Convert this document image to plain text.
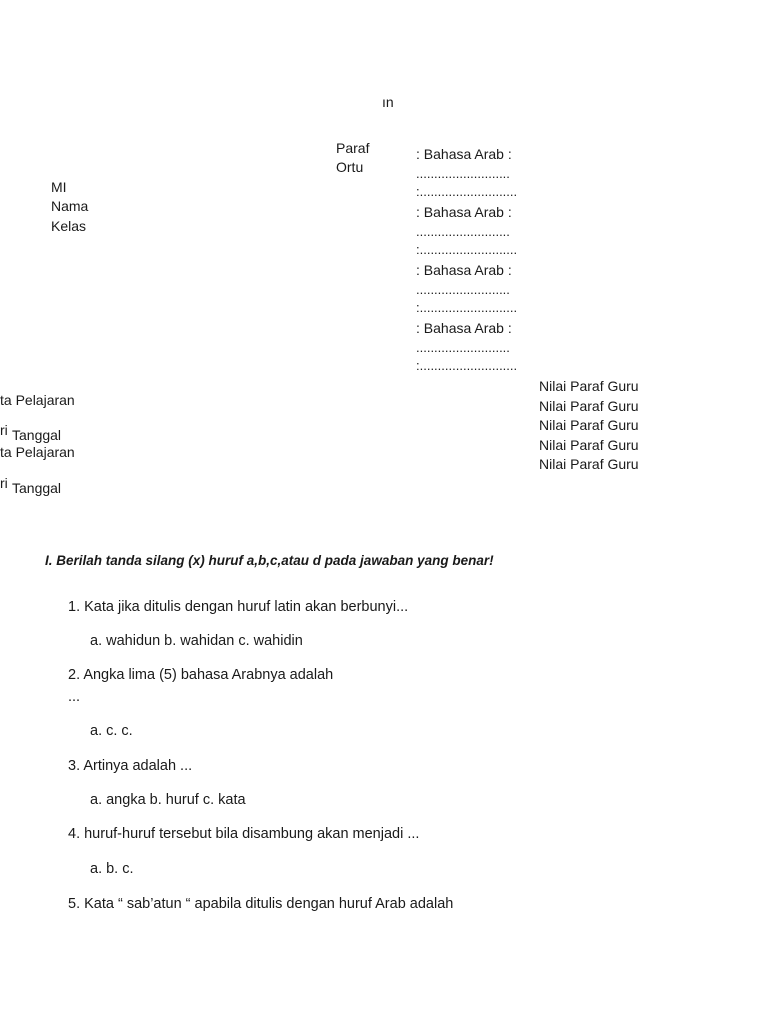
ın
Paraf
Ortu
MI
Nama
Kelas
: Bahasa Arab :
..........................
:...........................
: Bahasa Arab :
..........................
:...........................
: Bahasa Arab :
..........................
:...........................
: Bahasa Arab :
..........................
:...........................
Nilai Paraf Guru
Nilai Paraf Guru
Nilai Paraf Guru
Nilai Paraf Guru
Nilai Paraf Guru
ta Pelajaran
ri Tanggal
ta Pelajaran
ri Tanggal
I. Berilah tanda silang (x) huruf a,b,c,atau d pada jawaban yang benar!
1. Kata jika ditulis dengan huruf latin akan berbunyi...
a. wahidun b. wahidan c. wahidin
2. Angka lima (5) bahasa Arabnya adalah
...
a. c. c.
3. Artinya adalah ...
a. angka b. huruf c. kata
4. huruf-huruf tersebut bila disambung akan menjadi ...
a. b. c.
5. Kata “ sab’atun “ apabila ditulis dengan huruf Arab adalah
